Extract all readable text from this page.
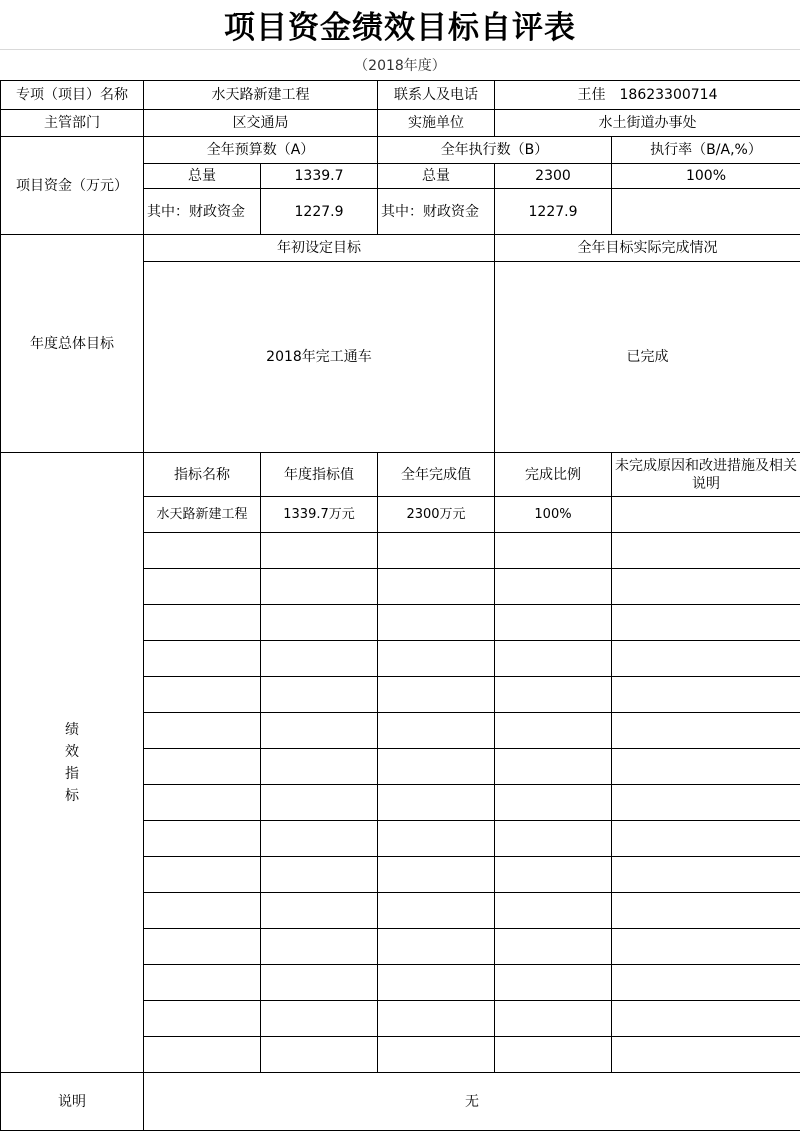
项目资金绩效目标自评表
（2018年度）
专项（项目）名称	水天路新建工程		联系人及电话	王佳　18623300714	
主管部门	区交通局		实施单位	水土街道办事处	
项目资金（万元）	全年预算数（A）		全年执行数（B）		执行率（B/A,%）
	总量	1339.7	总量	2300	100%
	其中：财政资金	1227.9	其中：财政资金	1227.9	
年度总体目标	年初设定目标			全年目标实际完成情况	
	2018年完工通车			已完成	

绩
效
指
标	指标名称	年度指标值	全年完成值	完成比例	未完成原因和改进措施及相关说明
	水天路新建工程	1339.7万元	2300万元	100%	

说明	无				
